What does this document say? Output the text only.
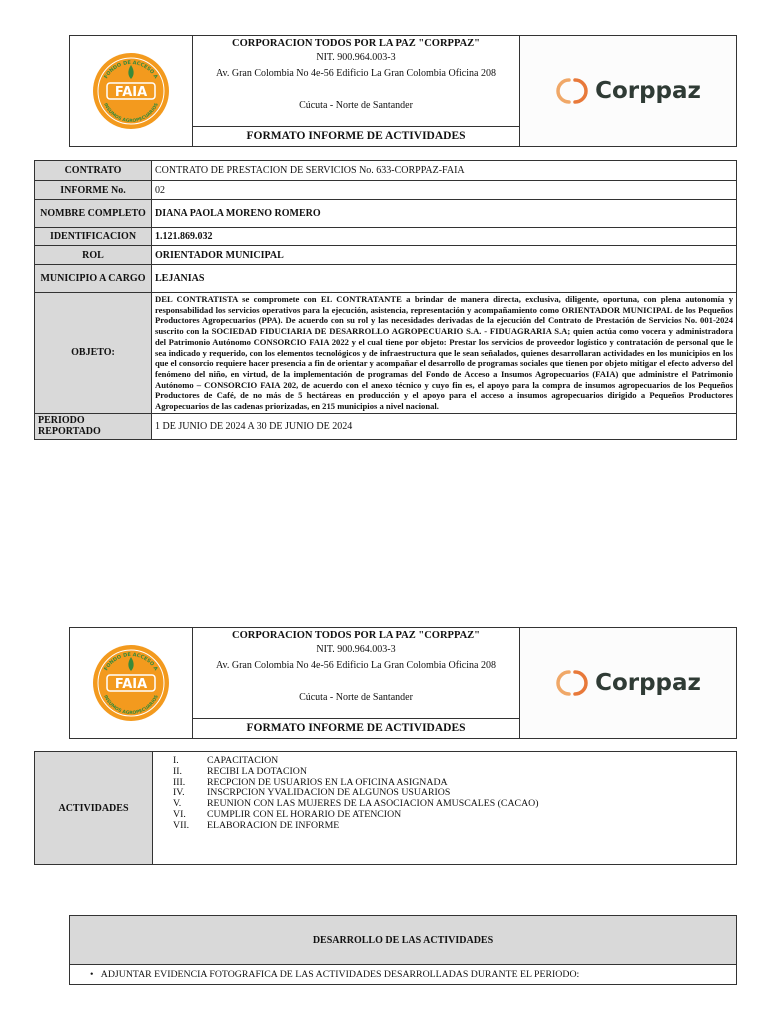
FAIA
FONDO DE ACCESO A
INSUMOS AGROPECUARIOS
CORPORACION TODOS POR LA PAZ "CORPPAZ"
NIT. 900.964.003-3
Av. Gran Colombia No 4e-56 Edificio La Gran Colombia Oficina 208
Cúcuta - Norte de Santander
FORMATO INFORME DE ACTIVIDADES
Corppaz
CONTRATO	CONTRATO DE PRESTACION DE SERVICIOS No. 633-CORPPAZ-FAIA
INFORME No.	02
NOMBRE COMPLETO	DIANA PAOLA MORENO ROMERO
IDENTIFICACION	1.121.869.032
ROL	ORIENTADOR MUNICIPAL
MUNICIPIO A CARGO	LEJANIAS
OBJETO:	DEL CONTRATISTA se compromete con EL CONTRATANTE a brindar de manera directa, exclusiva, diligente, oportuna, con plena autonomía y responsabilidad los servicios operativos para la ejecución, asistencia, representación y acompañamiento como ORIENTADOR MUNICIPAL de los Pequeños Productores Agropecuarios (PPA). De acuerdo con su rol y las necesidades derivadas de la ejecución del Contrato de Prestación de Servicios No. 001-2024 suscrito con la SOCIEDAD FIDUCIARIA DE DESARROLLO AGROPECUARIO S.A. - FIDUAGRARIA S.A; quien actúa como vocera y administradora del Patrimonio Autónomo CONSORCIO FAIA 2022 y el cual tiene por objeto: Prestar los servicios de proveedor logístico y contratación de personal que le sea indicado y requerido, con los elementos tecnológicos y de infraestructura que le sean señalados, quienes desarrollaran actividades en los municipios en los que el consorcio requiere hacer presencia a fin de orientar y acompañar el desarrollo de programas sociales que tienen por objeto mitigar el efecto adverso del fenómeno del niño, en virtud, de la implementación de programas del Fondo de Acceso a Insumos Agropecuarios (FAIA) que administre el Patrimonio Autónomo – CONSORCIO FAIA 202, de acuerdo con el anexo técnico y cuyo fin es, el apoyo para la compra de insumos agropecuarios de los Pequeños Productores de Café, de no más de 5 hectáreas en producción y el apoyo para el acceso a insumos agropecuarios dirigido a Pequeños Productores Agropecuarios de las cadenas priorizadas, en 215 municipios a nivel nacional.
PERIODO REPORTADO	1 DE JUNIO DE 2024 A 30 DE JUNIO DE 2024
FAIA
FONDO DE ACCESO A
INSUMOS AGROPECUARIOS
CORPORACION TODOS POR LA PAZ "CORPPAZ"
NIT. 900.964.003-3
Av. Gran Colombia No 4e-56 Edificio La Gran Colombia Oficina 208
Cúcuta - Norte de Santander
FORMATO INFORME DE ACTIVIDADES
Corppaz
ACTIVIDADES
I.	CAPACITACION
II.	RECIBI LA DOTACION
III.	RECPCION DE USUARIOS EN LA OFICINA ASIGNADA
IV.	INSCRPCION YVALIDACION DE ALGUNOS USUARIOS
V.	REUNION CON LAS MUJERES DE LA ASOCIACION AMUSCALES (CACAO)
VI.	CUMPLIR CON EL HORARIO DE ATENCION
VII.	ELABORACION DE INFORME
DESARROLLO DE LAS ACTIVIDADES
•   ADJUNTAR EVIDENCIA FOTOGRAFICA DE LAS ACTIVIDADES DESARROLLADAS DURANTE EL PERIODO:
